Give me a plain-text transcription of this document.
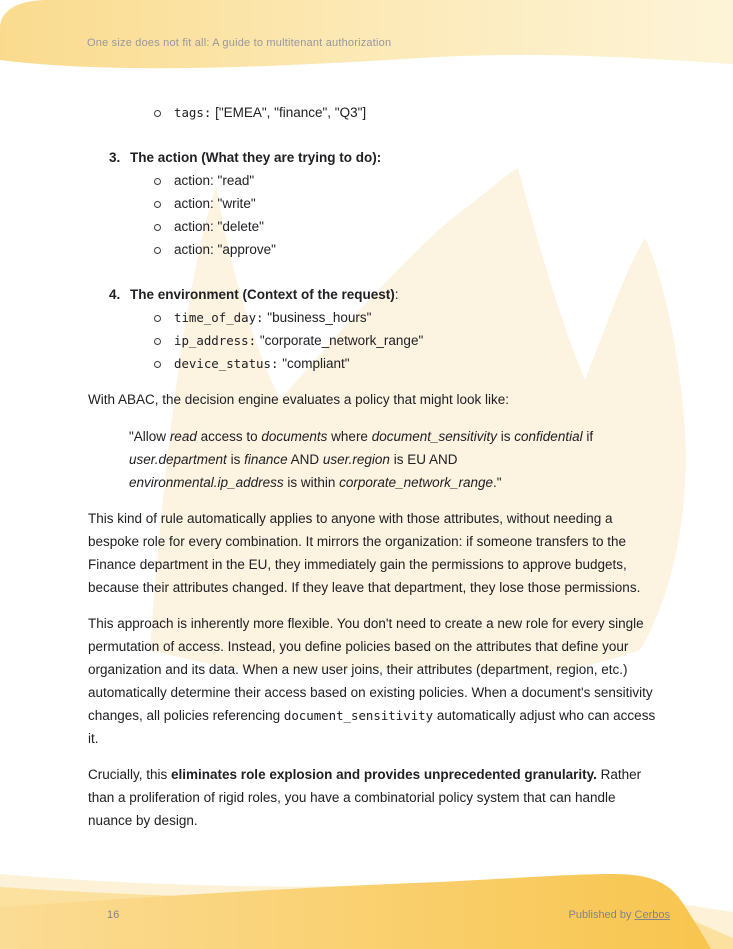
One size does not fit all: A guide to multitenant authorization
tags: ["EMEA", "finance", "Q3"]
3. The action (What they are trying to do):
action: "read"
action: "write"
action: "delete"
action: "approve"
4. The environment (Context of the request):
time_of_day: "business_hours"
ip_address: "corporate_network_range"
device_status: "compliant"

With ABAC, the decision engine evaluates a policy that might look like:

"Allow read access to documents where document_sensitivity is confidential if
user.department is finance AND user.region is EU AND
environmental.ip_address is within corporate_network_range."

This kind of rule automatically applies to anyone with those attributes, without needing a bespoke role for every combination. It mirrors the organization: if someone transfers to the Finance department in the EU, they immediately gain the permissions to approve budgets, because their attributes changed. If they leave that department, they lose those permissions.

This approach is inherently more flexible. You don't need to create a new role for every single permutation of access. Instead, you define policies based on the attributes that define your organization and its data. When a new user joins, their attributes (department, region, etc.) automatically determine their access based on existing policies. When a document's sensitivity changes, all policies referencing document_sensitivity automatically adjust who can access it.

Crucially, this eliminates role explosion and provides unprecedented granularity. Rather than a proliferation of rigid roles, you have a combinatorial policy system that can handle nuance by design.

16	Published by Cerbos
